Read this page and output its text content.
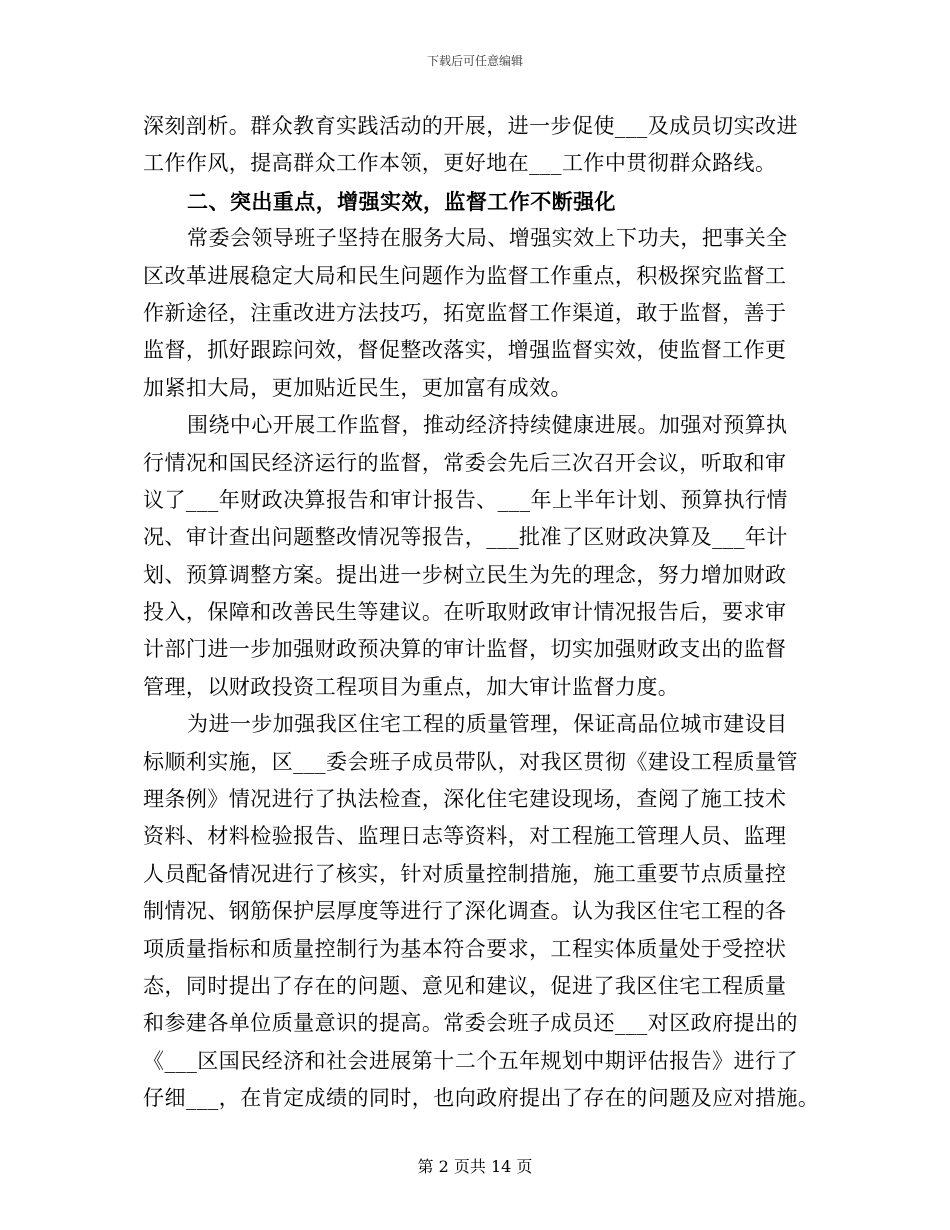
下载后可任意编辑
深刻剖析。群众教育实践活动的开展，进一步促使___及成员切实改进
工作作风，提高群众工作本领，更好地在___工作中贯彻群众路线。
二、突出重点，增强实效，监督工作不断强化
常委会领导班子坚持在服务大局、增强实效上下功夫，把事关全
区改革进展稳定大局和民生问题作为监督工作重点，积极探究监督工
作新途径，注重改进方法技巧，拓宽监督工作渠道，敢于监督，善于
监督，抓好跟踪问效，督促整改落实，增强监督实效，使监督工作更
加紧扣大局，更加贴近民生，更加富有成效。
围绕中心开展工作监督，推动经济持续健康进展。加强对预算执
行情况和国民经济运行的监督，常委会先后三次召开会议，听取和审
议了___年财政决算报告和审计报告、___年上半年计划、预算执行情
况、审计查出问题整改情况等报告，___批准了区财政决算及___年计
划、预算调整方案。提出进一步树立民生为先的理念，努力增加财政
投入，保障和改善民生等建议。在听取财政审计情况报告后，要求审
计部门进一步加强财政预决算的审计监督，切实加强财政支出的监督
管理，以财政投资工程项目为重点，加大审计监督力度。
为进一步加强我区住宅工程的质量管理，保证高品位城市建设目
标顺利实施，区___委会班子成员带队，对我区贯彻《建设工程质量管
理条例》情况进行了执法检查，深化住宅建设现场，查阅了施工技术
资料、材料检验报告、监理日志等资料，对工程施工管理人员、监理
人员配备情况进行了核实，针对质量控制措施，施工重要节点质量控
制情况、钢筋保护层厚度等进行了深化调查。认为我区住宅工程的各
项质量指标和质量控制行为基本符合要求，工程实体质量处于受控状
态，同时提出了存在的问题、意见和建议，促进了我区住宅工程质量
和参建各单位质量意识的提高。常委会班子成员还___对区政府提出的
《___区国民经济和社会进展第十二个五年规划中期评估报告》进行了
仔细___，在肯定成绩的同时，也向政府提出了存在的问题及应对措施。
第 2 页共 14 页
